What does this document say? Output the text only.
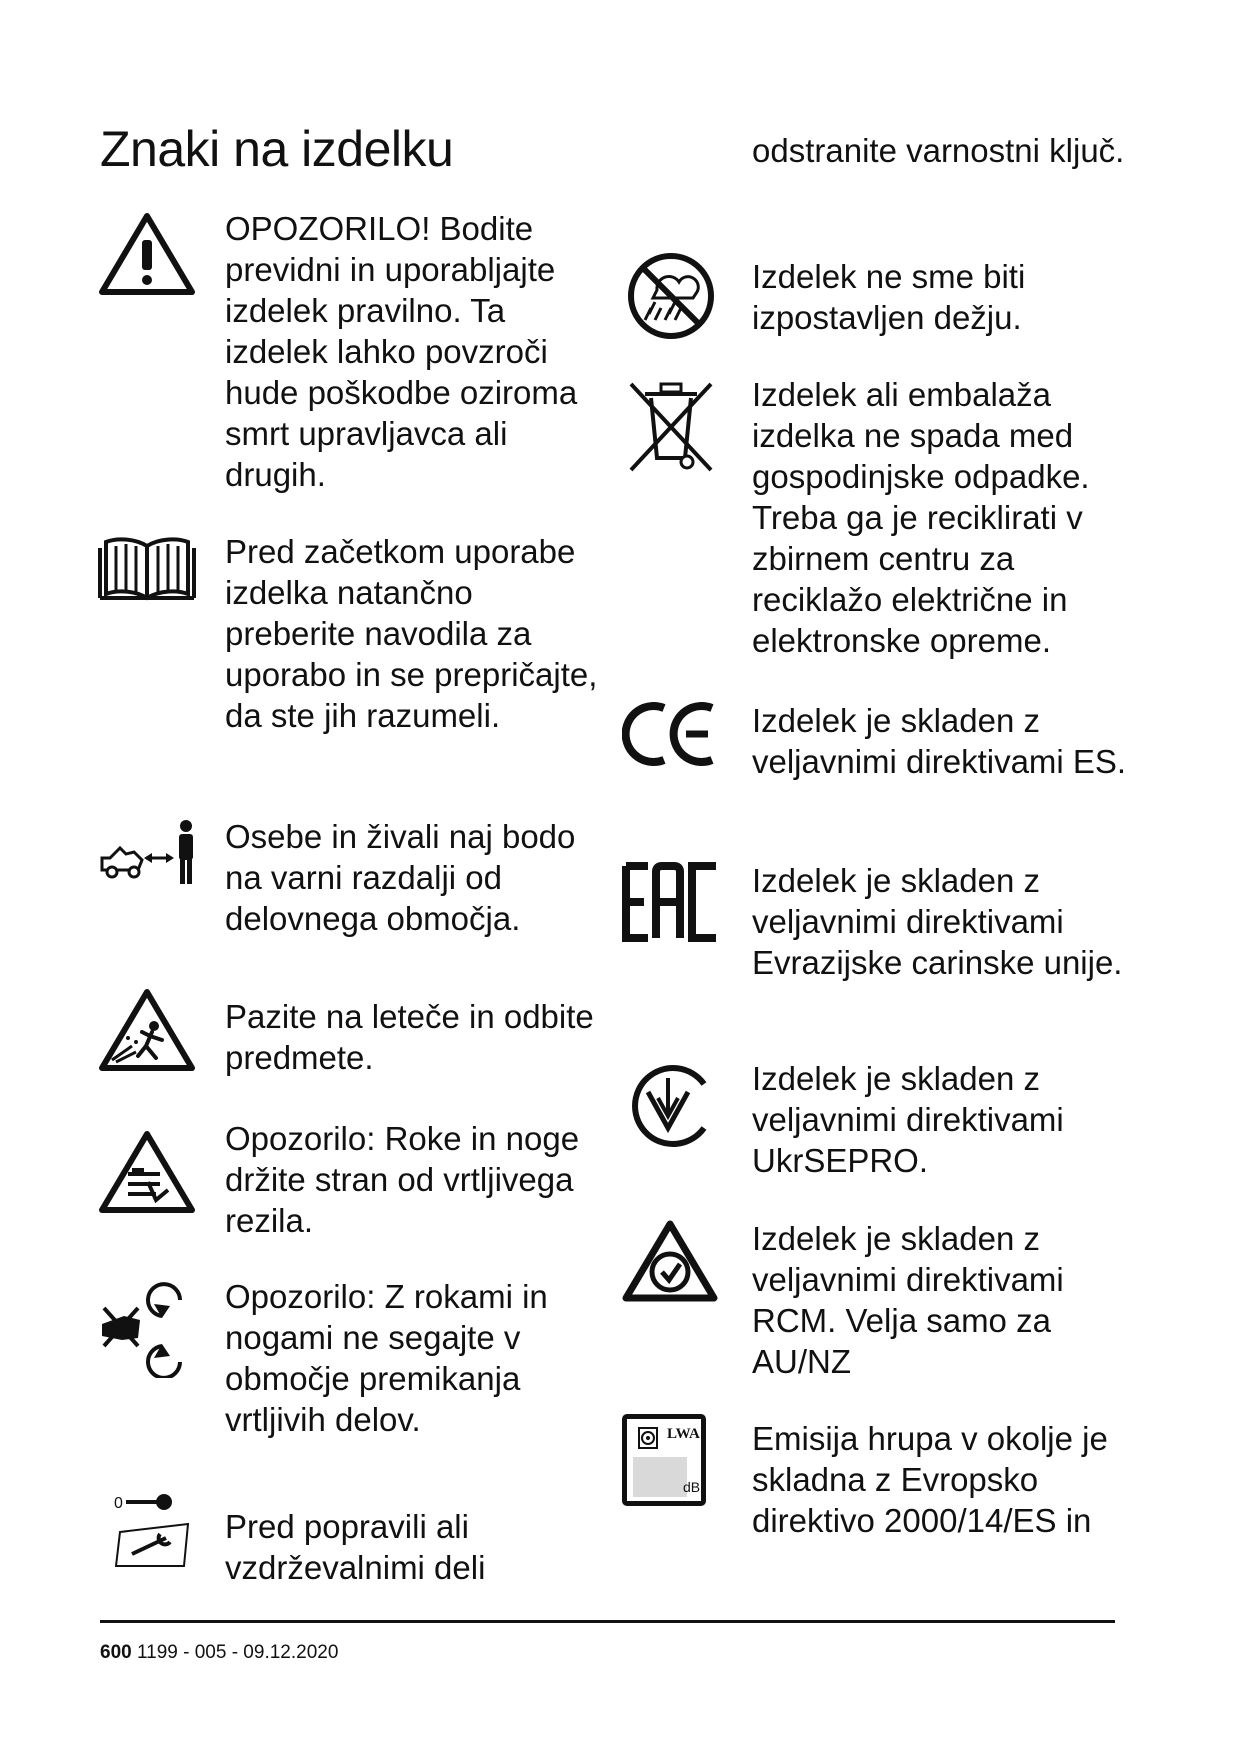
Znaki na izdelku

OPOZORILO! Bodite previdni in uporabljajte izdelek pravilno. Ta izdelek lahko povzroči hude poškodbe oziroma smrt upravljavca ali drugih.

Pred začetkom uporabe izdelka natančno preberite navodila za uporabo in se prepričajte, da ste jih razumeli.

Osebe in živali naj bodo na varni razdalji od delovnega območja.

Pazite na leteče in odbite predmete.

Opozorilo: Roke in noge držite stran od vrtljivega rezila.

Opozorilo: Z rokami in nogami ne segajte v območje premikanja vrtljivih delov.

0

Pred popravili ali vzdrževalnimi deli

odstranite varnostni ključ.

Izdelek ne sme biti izpostavljen dežju.

Izdelek ali embalaža izdelka ne spada med gospodinjske odpadke. Treba ga je reciklirati v zbirnem centru za reciklažo električne in elektronske opreme.

Izdelek je skladen z veljavnimi direktivami ES.

Izdelek je skladen z veljavnimi direktivami Evrazijske carinske unije.

Izdelek je skladen z veljavnimi direktivami UkrSEPRO.

Izdelek je skladen z veljavnimi direktivami RCM. Velja samo za AU/NZ

LWA
dB

Emisija hrupa v okolje je skladna z Evropsko direktivo 2000/14/ES in

600 1199 - 005 - 09.12.2020
